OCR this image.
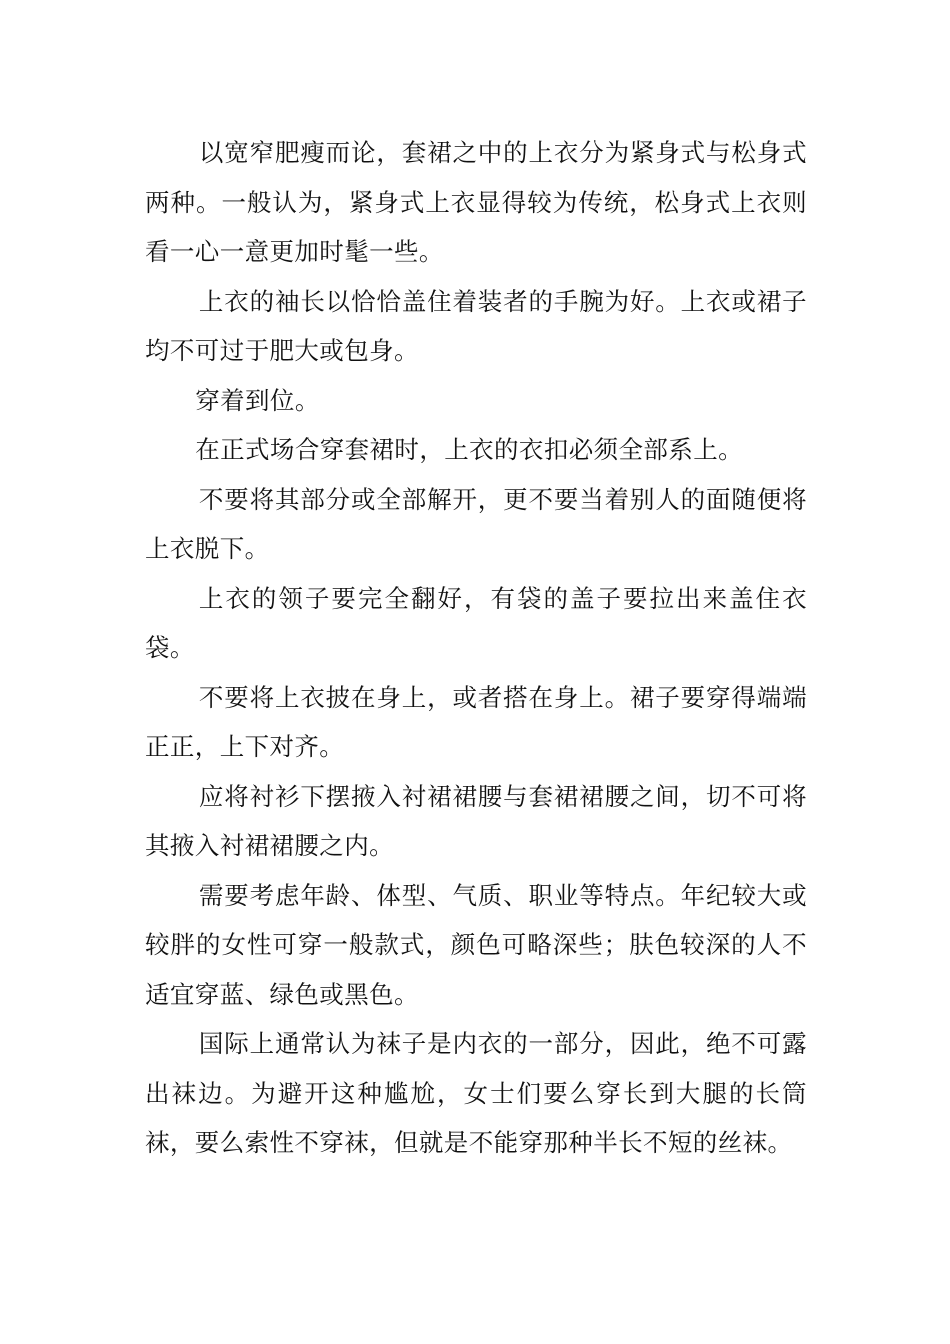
以宽窄肥瘦而论，套裙之中的上衣分为紧身式与松身式两种。一般认为，紧身式上衣显得较为传统，松身式上衣则看一心一意更加时髦一些。

上衣的袖长以恰恰盖住着装者的手腕为好。上衣或裙子均不可过于肥大或包身。

穿着到位。

在正式场合穿套裙时，上衣的衣扣必须全部系上。

不要将其部分或全部解开，更不要当着别人的面随便将上衣脱下。

上衣的领子要完全翻好，有袋的盖子要拉出来盖住衣袋。

不要将上衣披在身上，或者搭在身上。裙子要穿得端端正正，上下对齐。

应将衬衫下摆掖入衬裙裙腰与套裙裙腰之间，切不可将其掖入衬裙裙腰之内。

需要考虑年龄、体型、气质、职业等特点。年纪较大或较胖的女性可穿一般款式，颜色可略深些；肤色较深的人不适宜穿蓝、绿色或黑色。

国际上通常认为袜子是内衣的一部分，因此，绝不可露出袜边。为避开这种尴尬，女士们要么穿长到大腿的长筒袜，要么索性不穿袜，但就是不能穿那种半长不短的丝袜。
